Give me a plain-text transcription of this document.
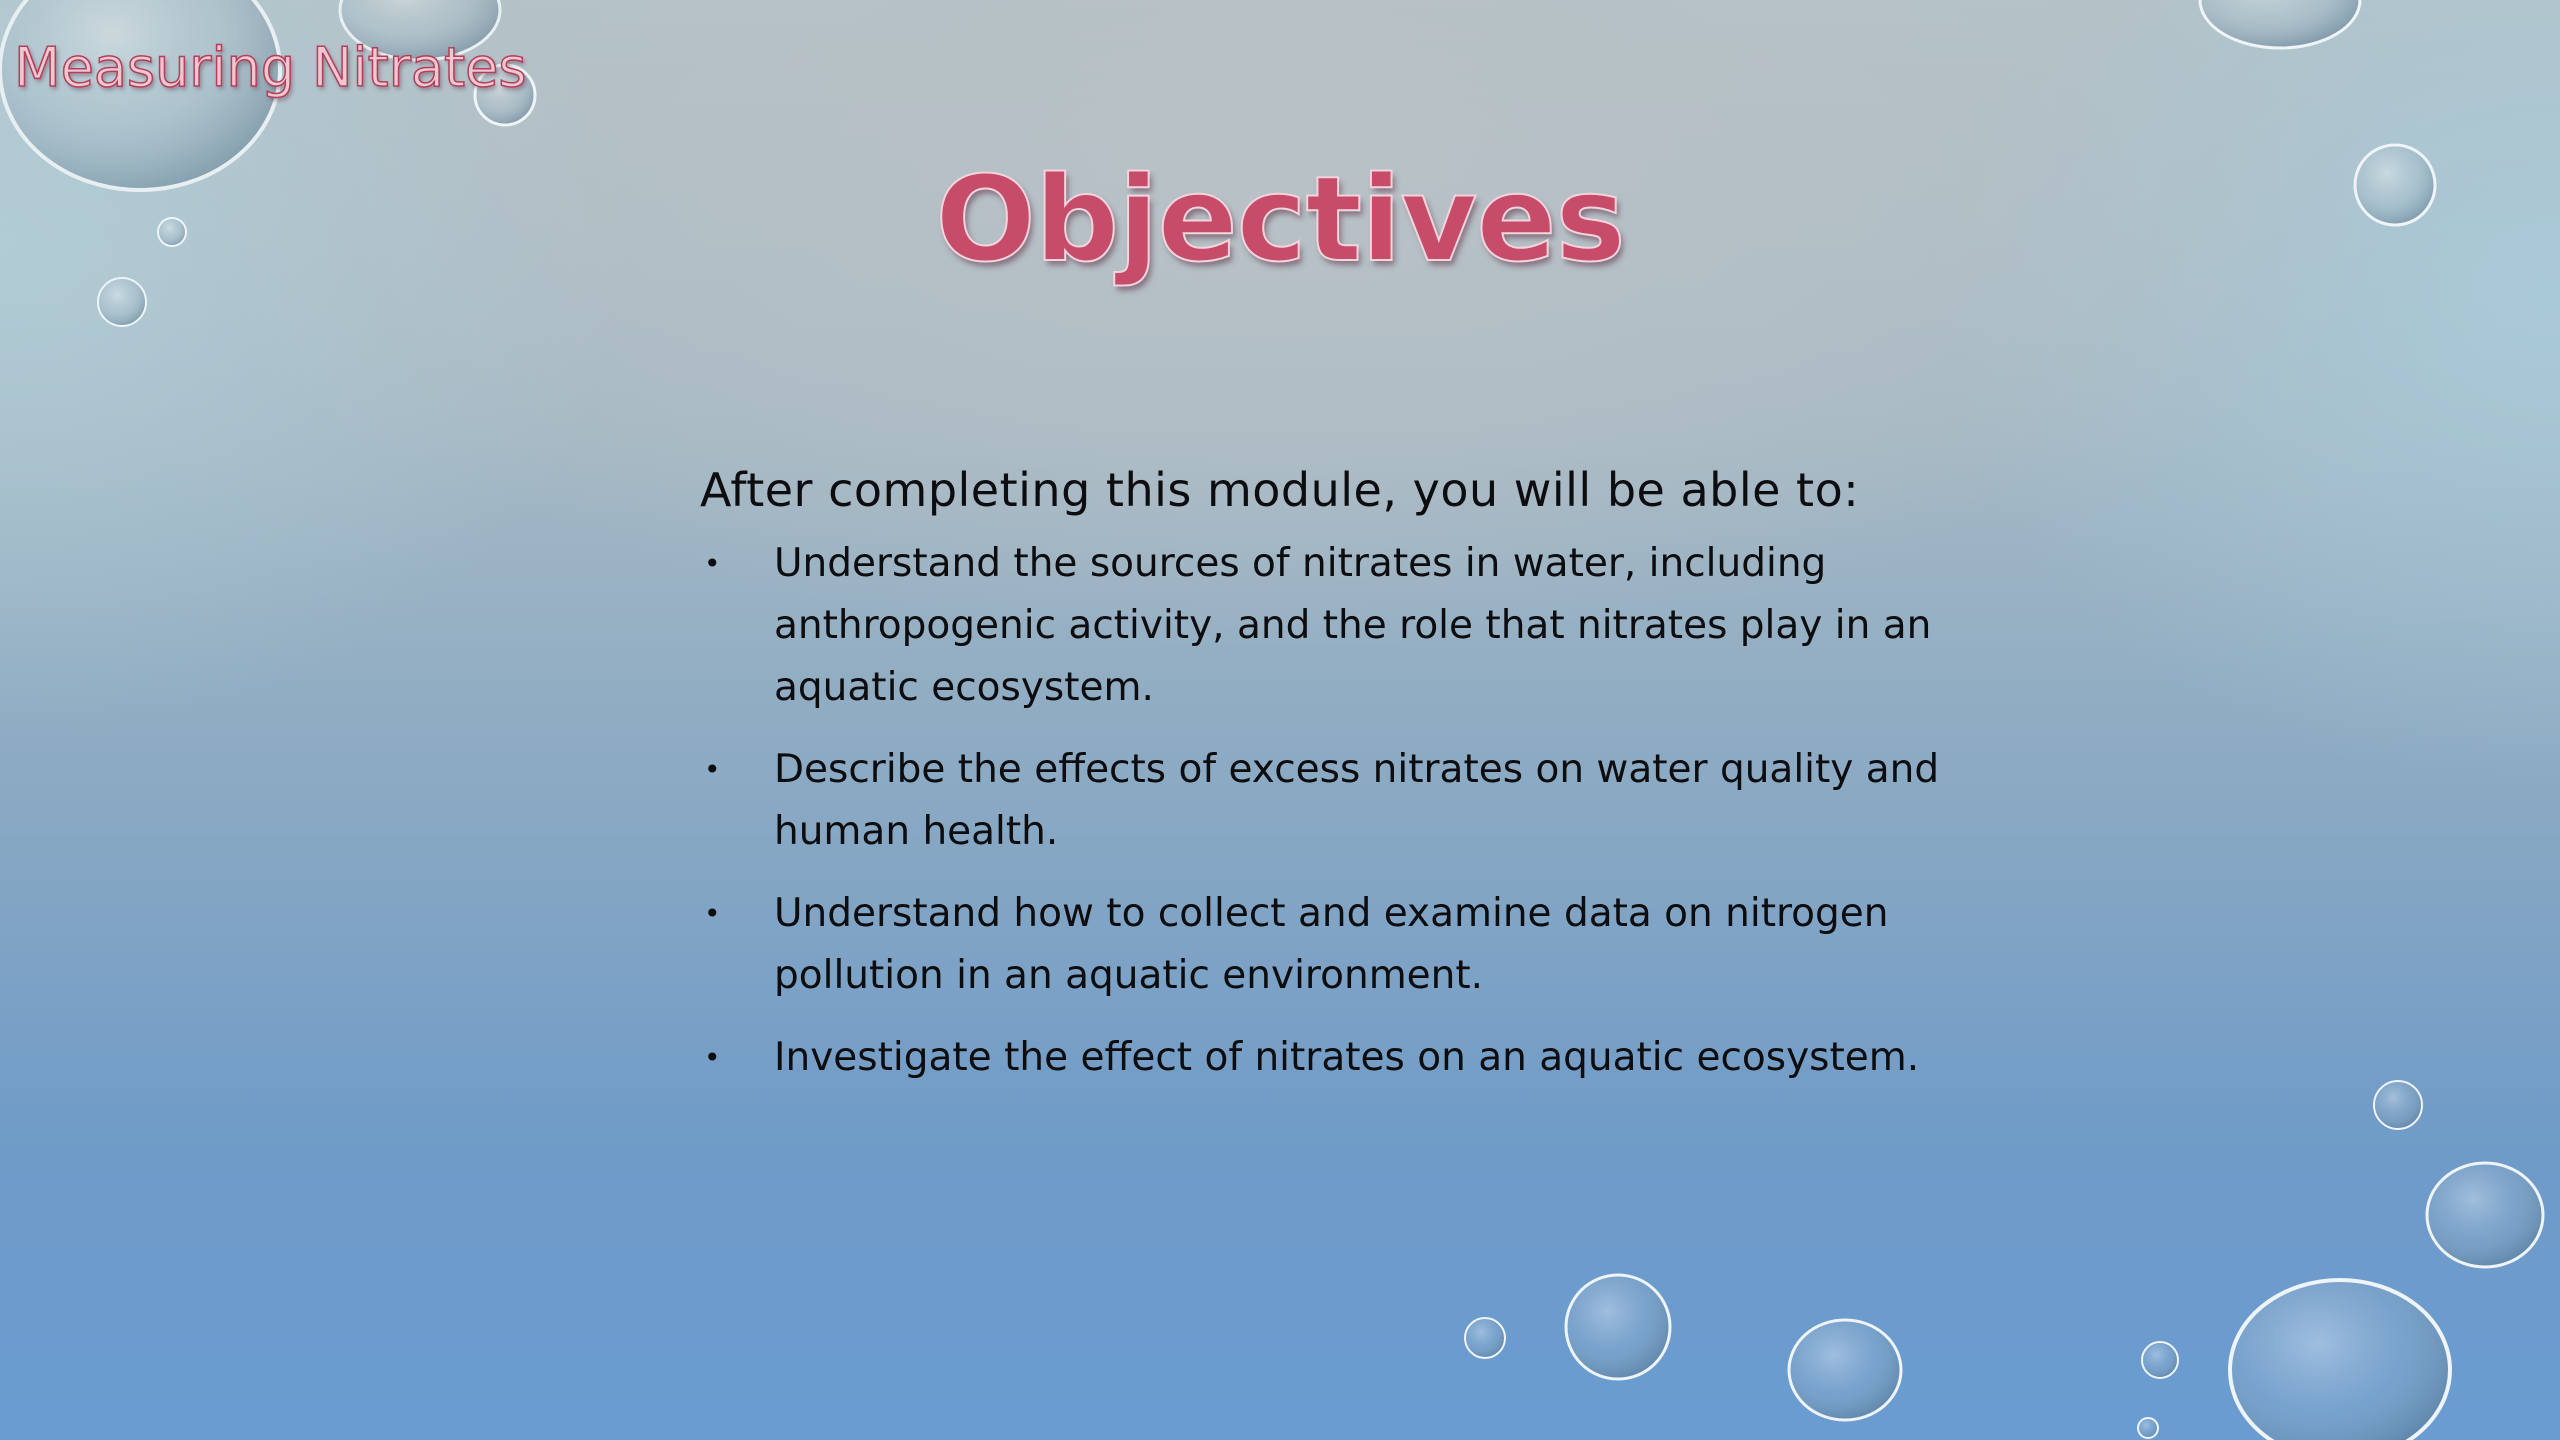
Measuring Nitrates
Objectives

After completing this module, you will be able to:

• Understand the sources of nitrates in water, including anthropogenic activity, and the role that nitrates play in an aquatic ecosystem.
• Describe the effects of excess nitrates on water quality and human health.
• Understand how to collect and examine data on nitrogen pollution in an aquatic environment.
• Investigate the effect of nitrates on an aquatic ecosystem.
